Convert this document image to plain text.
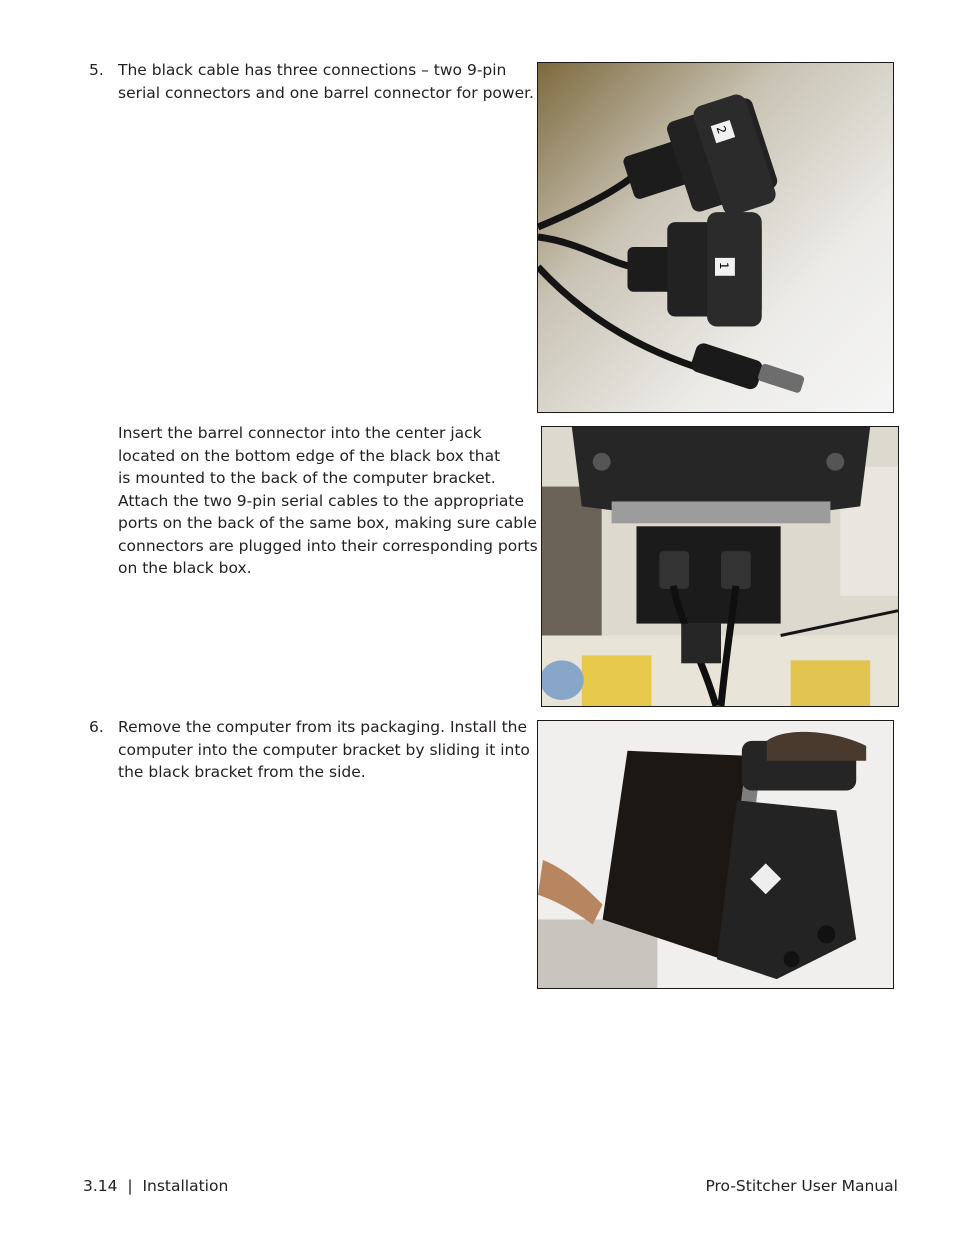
5. The black cable has three connections – two 9-pin
serial connectors and one barrel connector for power.
2
1
Insert the barrel connector into the center jack
located on the bottom edge of the black box that
is mounted to the back of the computer bracket.
Attach the two 9-pin serial cables to the appropriate
ports on the back of the same box, making sure cable
connectors are plugged into their corresponding ports
on the black box.
6. Remove the computer from its packaging. Install the
computer into the computer bracket by sliding it into
the black bracket from the side.
3.14  |  Installation	Pro-Stitcher User Manual
